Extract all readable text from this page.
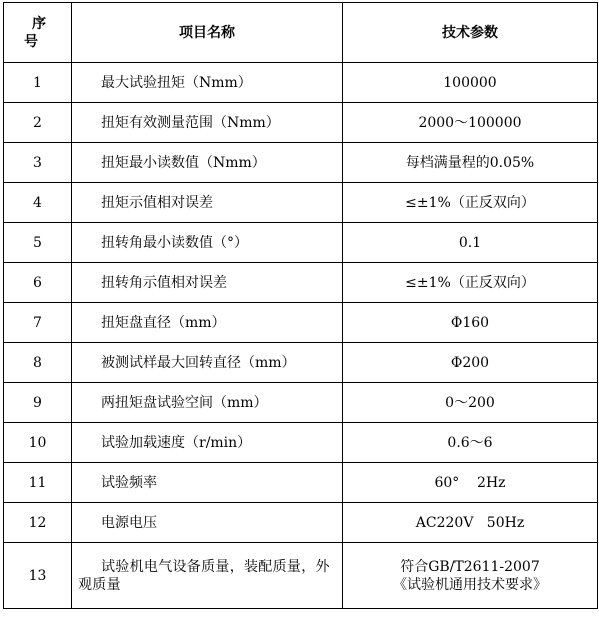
序
号	项目名称	技术参数
1	最大试验扭矩（Nmm）	100000
2	扭矩有效测量范围（Nmm）	2000～100000
3	扭矩最小读数值（Nmm）	每档满量程的0.05%
4	扭矩示值相对误差	≤±1%（正反双向）
5	扭转角最小读数值（°）	0.1
6	扭转角示值相对误差	≤±1%（正反双向）
7	扭矩盘直径（mm）	Φ160
8	被测试样最大回转直径（mm）	Φ200
9	两扭矩盘试验空间（mm）	0～200
10	试验加载速度（r/min）	0.6～6
11	试验频率	60°    2Hz
12	电源电压	AC220V   50Hz
13	试验机电气设备质量，装配质量，外观质量	符合GB/T2611-2007
《试验机通用技术要求》
